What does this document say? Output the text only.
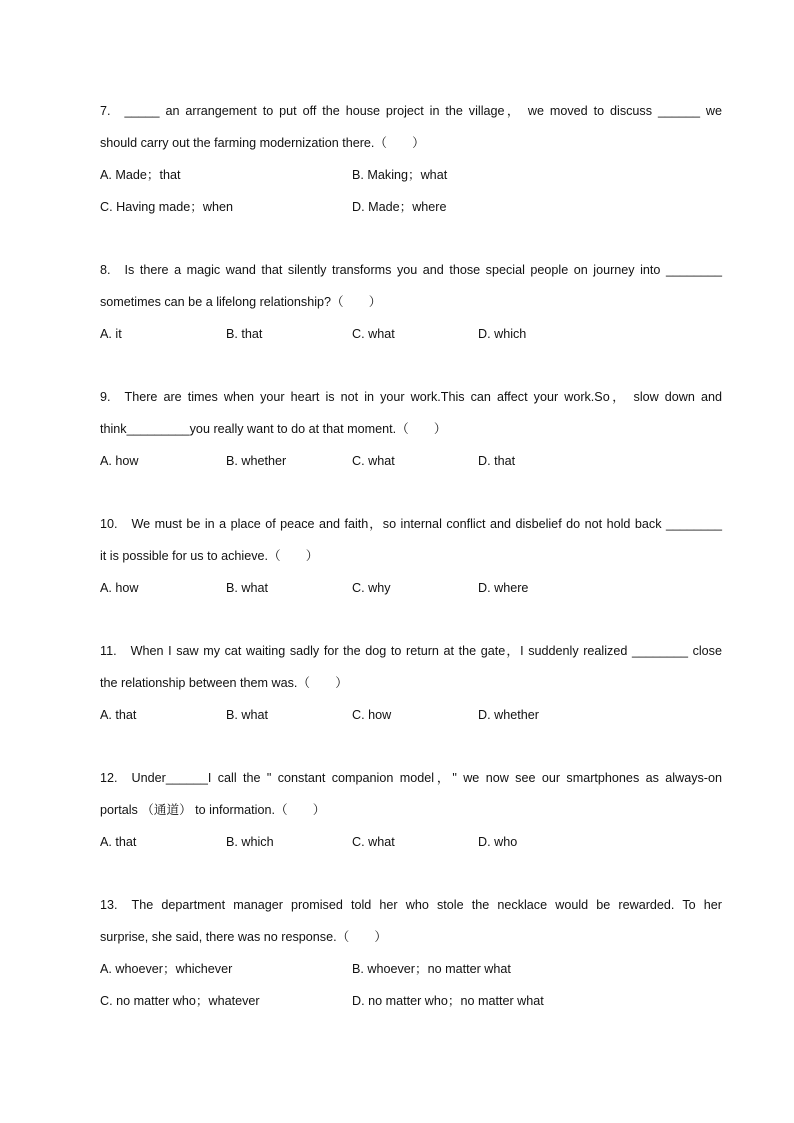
7. _____ an arrangement to put off the house project in the village， we moved to discuss ______ we
should carry out the farming modernization there.（　　）
A. Made；that	B. Making；what
C. Having made；when	D. Made；where
8. Is there a magic wand that silently transforms you and those special people on journey into ________
sometimes can be a lifelong relationship?（　　）
A. it	B. that	C. what	D. which
9. There are times when your heart is not in your work.This can affect your work.So， slow down and
think_________you really want to do at that moment.（　　）
A. how	B. whether	C. what	D. that
10. We must be in a place of peace and faith，so internal conflict and disbelief do not hold back ________
it is possible for us to achieve.（　　）
A. how	B. what	C. why	D. where
11. When I saw my cat waiting sadly for the dog to return at the gate，I suddenly realized ________ close
the relationship between them was.（　　）
A. that	B. what	C. how	D. whether
12. Under______I call the " constant companion model，" we now see our smartphones as always-on
portals （通道） to information.（　　）
A. that	B. which	C. what	D. who
13. The department manager promised told her who stole the necklace would be rewarded. To her
surprise, she said, there was no response.（　　）
A. whoever；whichever	B. whoever；no matter what
C. no matter who；whatever	D. no matter who；no matter what
